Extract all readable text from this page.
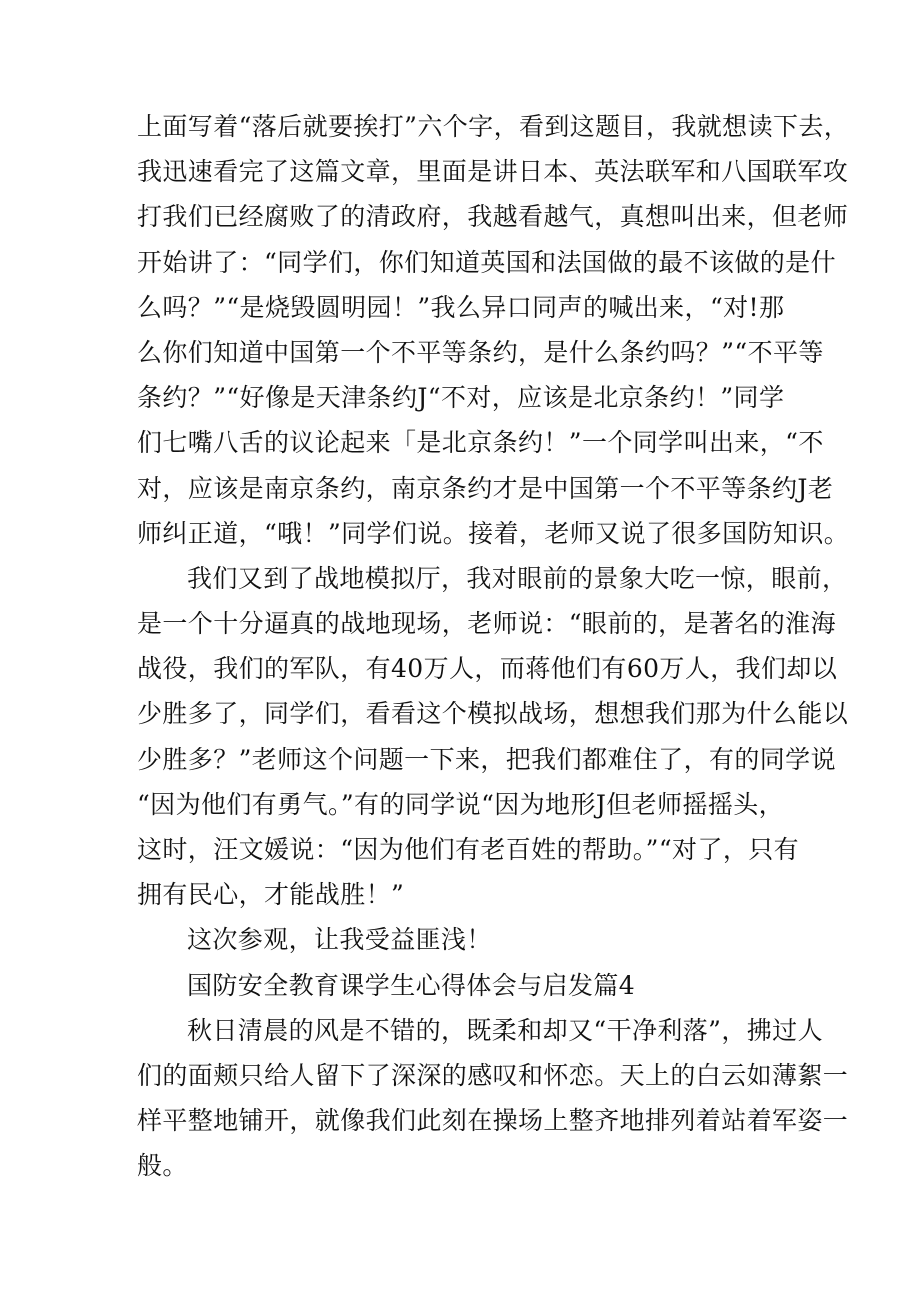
上面写着“落后就要挨打”六个字，看到这题目，我就想读下去，
我迅速看完了这篇文章，里面是讲日本、英法联军和八国联军攻
打我们已经腐败了的清政府，我越看越气，真想叫出来，但老师
开始讲了：“同学们，你们知道英国和法国做的最不该做的是什
么吗？”“是烧毁圆明园！”我么异口同声的喊出来，“对!那
么你们知道中国第一个不平等条约，是什么条约吗？”“不平等
条约？”“好像是天津条约J“不对，应该是北京条约！”同学
们七嘴八舌的议论起来「是北京条约！”一个同学叫出来，“不
对，应该是南京条约，南京条约才是中国第一个不平等条约J老
师纠正道，“哦！”同学们说。接着，老师又说了很多国防知识。
我们又到了战地模拟厅，我对眼前的景象大吃一惊，眼前，
是一个十分逼真的战地现场，老师说：“眼前的，是著名的淮海
战役，我们的军队，有40万人，而蒋他们有60万人，我们却以
少胜多了，同学们，看看这个模拟战场，想想我们那为什么能以
少胜多？”老师这个问题一下来，把我们都难住了，有的同学说
“因为他们有勇气。”有的同学说“因为地形J但老师摇摇头，
这时，汪文媛说：“因为他们有老百姓的帮助。”“对了，只有
拥有民心，才能战胜！”
这次参观，让我受益匪浅！
国防安全教育课学生心得体会与启发篇4
秋日清晨的风是不错的，既柔和却又“干净利落”，拂过人
们的面颊只给人留下了深深的感叹和怀恋。天上的白云如薄絮一
样平整地铺开，就像我们此刻在操场上整齐地排列着站着军姿一
般。
